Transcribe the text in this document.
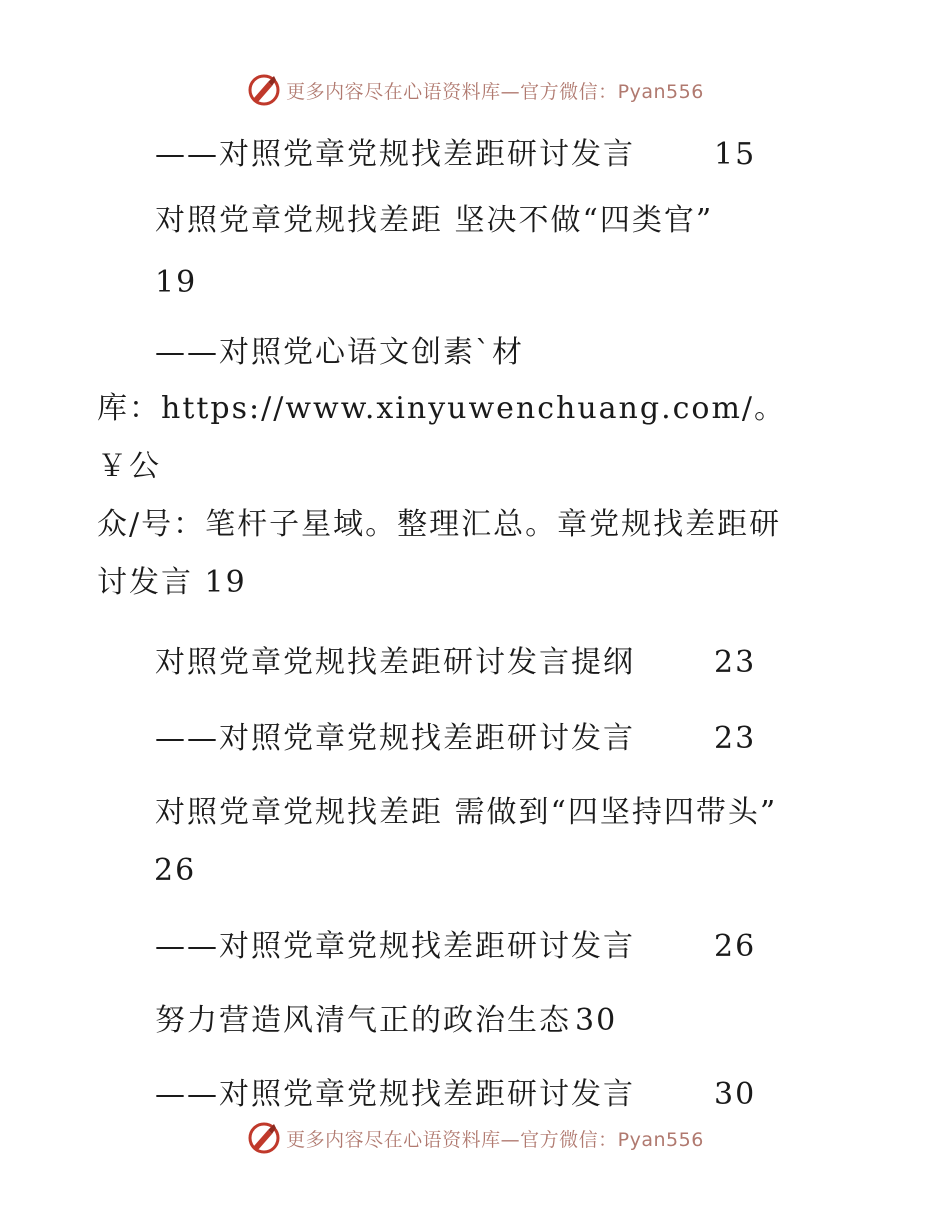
更多内容尽在心语资料库—官方微信：Pyan556
——对照党章党规找差距研讨发言	15
对照党章党规找差距 坚决不做“四类官”
19
——对照党心语文创素`材
库：https://www.xinyuwenchuang.com/。￥公
众/号：笔杆子星域。整理汇总。章党规找差距研
讨发言 19
对照党章党规找差距研讨发言提纲	23
——对照党章党规找差距研讨发言	23
对照党章党规找差距 需做到“四坚持四带头”
26
——对照党章党规找差距研讨发言	26
努力营造风清气正的政治生态 30
——对照党章党规找差距研讨发言	30
更多内容尽在心语资料库—官方微信：Pyan556
